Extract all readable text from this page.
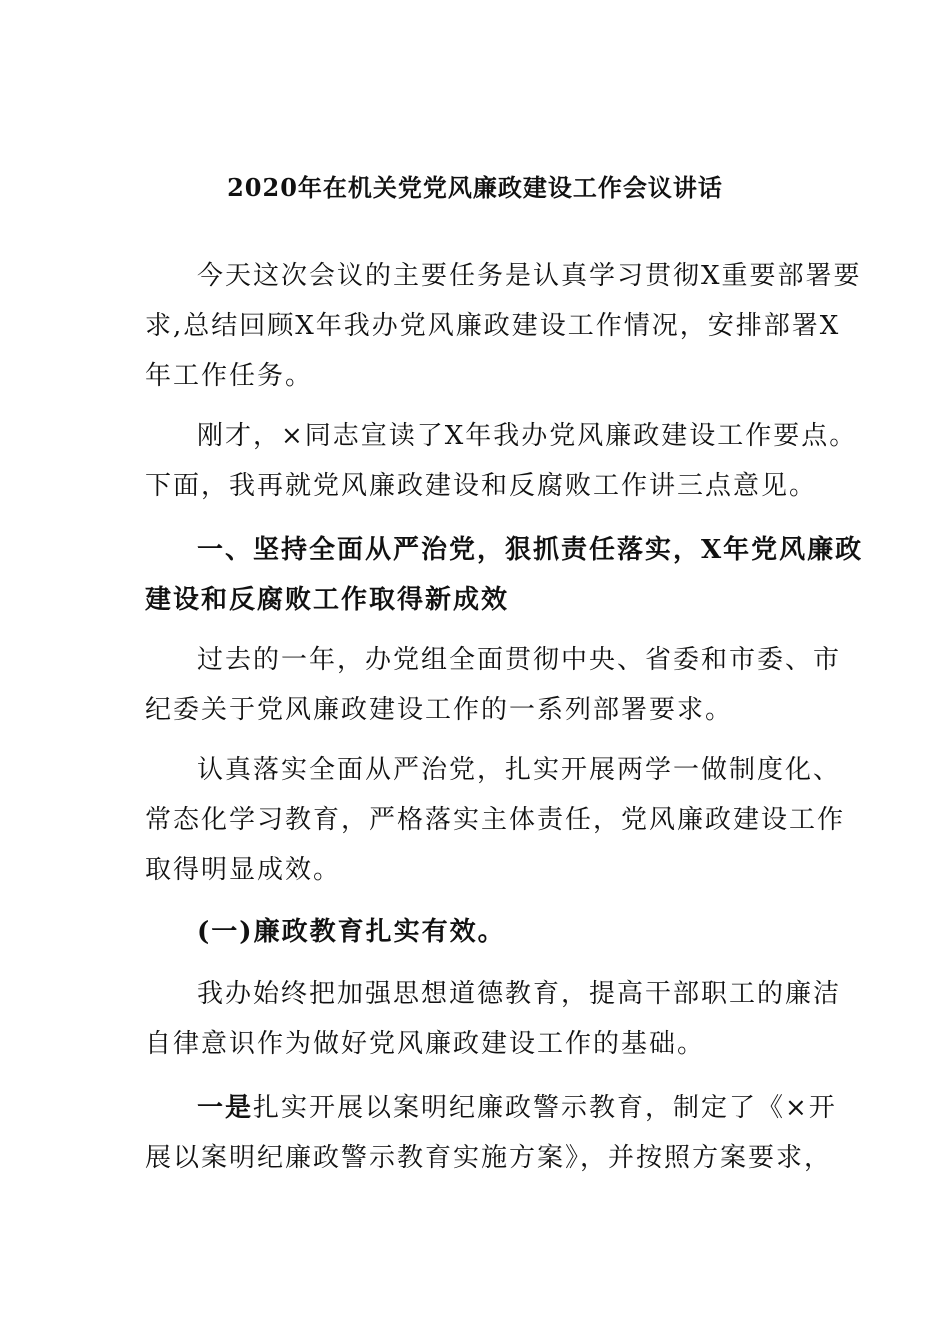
2020年在机关党党风廉政建设工作会议讲话

今天这次会议的主要任务是认真学习贯彻X重要部署要

求,总结回顾X年我办党风廉政建设工作情况，安排部署X

年工作任务。

刚才，×同志宣读了X年我办党风廉政建设工作要点。

下面，我再就党风廉政建设和反腐败工作讲三点意见。

一、坚持全面从严治党，狠抓责任落实，X年党风廉政

建设和反腐败工作取得新成效

过去的一年，办党组全面贯彻中央、省委和市委、市

纪委关于党风廉政建设工作的一系列部署要求。

认真落实全面从严治党，扎实开展两学一做制度化、

常态化学习教育，严格落实主体责任，党风廉政建设工作

取得明显成效。

(一)廉政教育扎实有效。

我办始终把加强思想道德教育，提高干部职工的廉洁

自律意识作为做好党风廉政建设工作的基础。

一是扎实开展以案明纪廉政警示教育，制定了《×开

展以案明纪廉政警示教育实施方案》，并按照方案要求，
